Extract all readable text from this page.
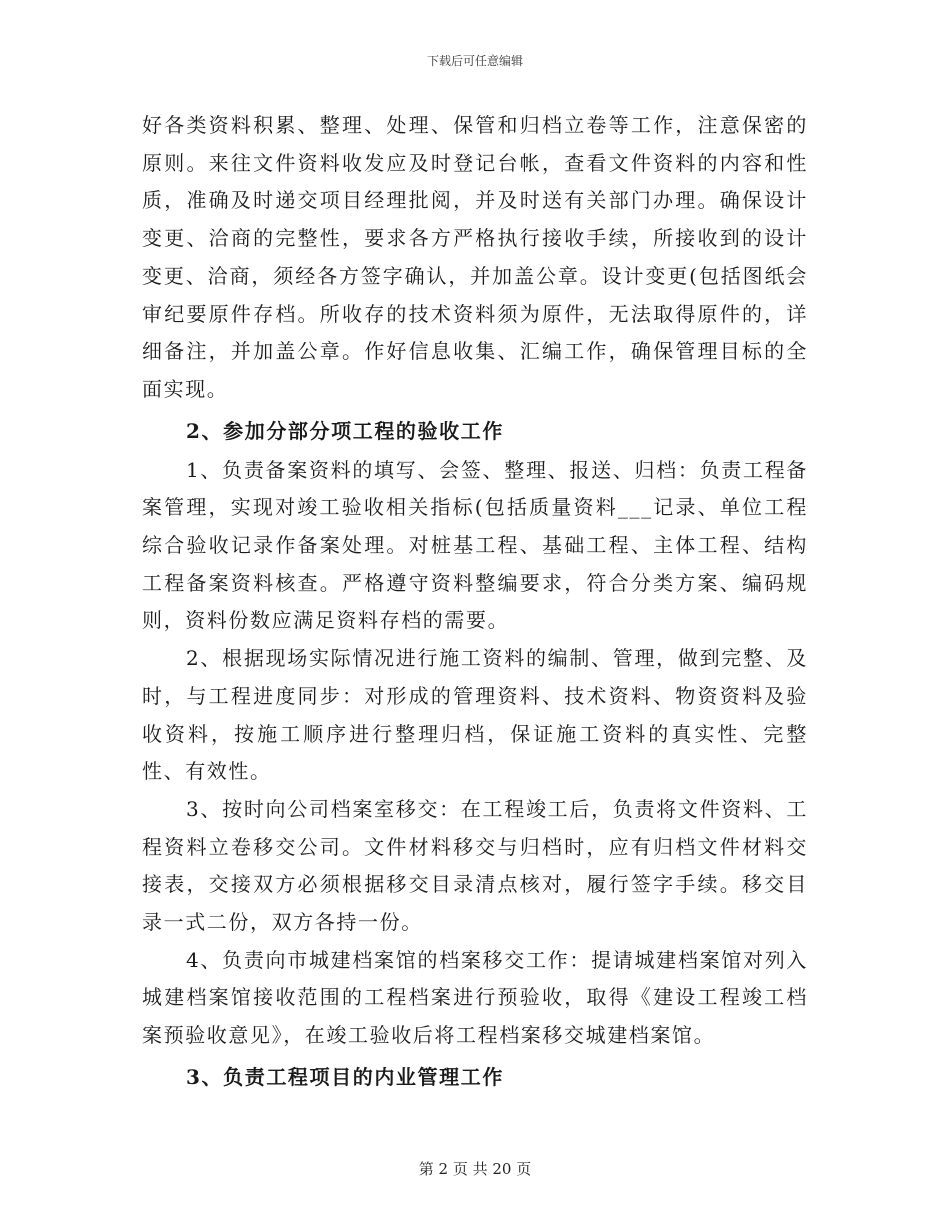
下载后可任意编辑

好各类资料积累、整理、处理、保管和归档立卷等工作，注意保密的原则。来往文件资料收发应及时登记台帐，查看文件资料的内容和性质，准确及时递交项目经理批阅，并及时送有关部门办理。确保设计变更、洽商的完整性，要求各方严格执行接收手续，所接收到的设计变更、洽商，须经各方签字确认，并加盖公章。设计变更(包括图纸会审纪要原件存档。所收存的技术资料须为原件，无法取得原件的，详细备注，并加盖公章。作好信息收集、汇编工作，确保管理目标的全面实现。

2、参加分部分项工程的验收工作

1、负责备案资料的填写、会签、整理、报送、归档：负责工程备案管理，实现对竣工验收相关指标(包括质量资料___记录、单位工程综合验收记录作备案处理。对桩基工程、基础工程、主体工程、结构工程备案资料核查。严格遵守资料整编要求，符合分类方案、编码规则，资料份数应满足资料存档的需要。

2、根据现场实际情况进行施工资料的编制、管理，做到完整、及时，与工程进度同步：对形成的管理资料、技术资料、物资资料及验收资料，按施工顺序进行整理归档，保证施工资料的真实性、完整性、有效性。

3、按时向公司档案室移交：在工程竣工后，负责将文件资料、工程资料立卷移交公司。文件材料移交与归档时，应有归档文件材料交接表，交接双方必须根据移交目录清点核对，履行签字手续。移交目录一式二份，双方各持一份。

4、负责向市城建档案馆的档案移交工作：提请城建档案馆对列入城建档案馆接收范围的工程档案进行预验收，取得《建设工程竣工档案预验收意见》，在竣工验收后将工程档案移交城建档案馆。

3、负责工程项目的内业管理工作

第 2 页 共 20 页
